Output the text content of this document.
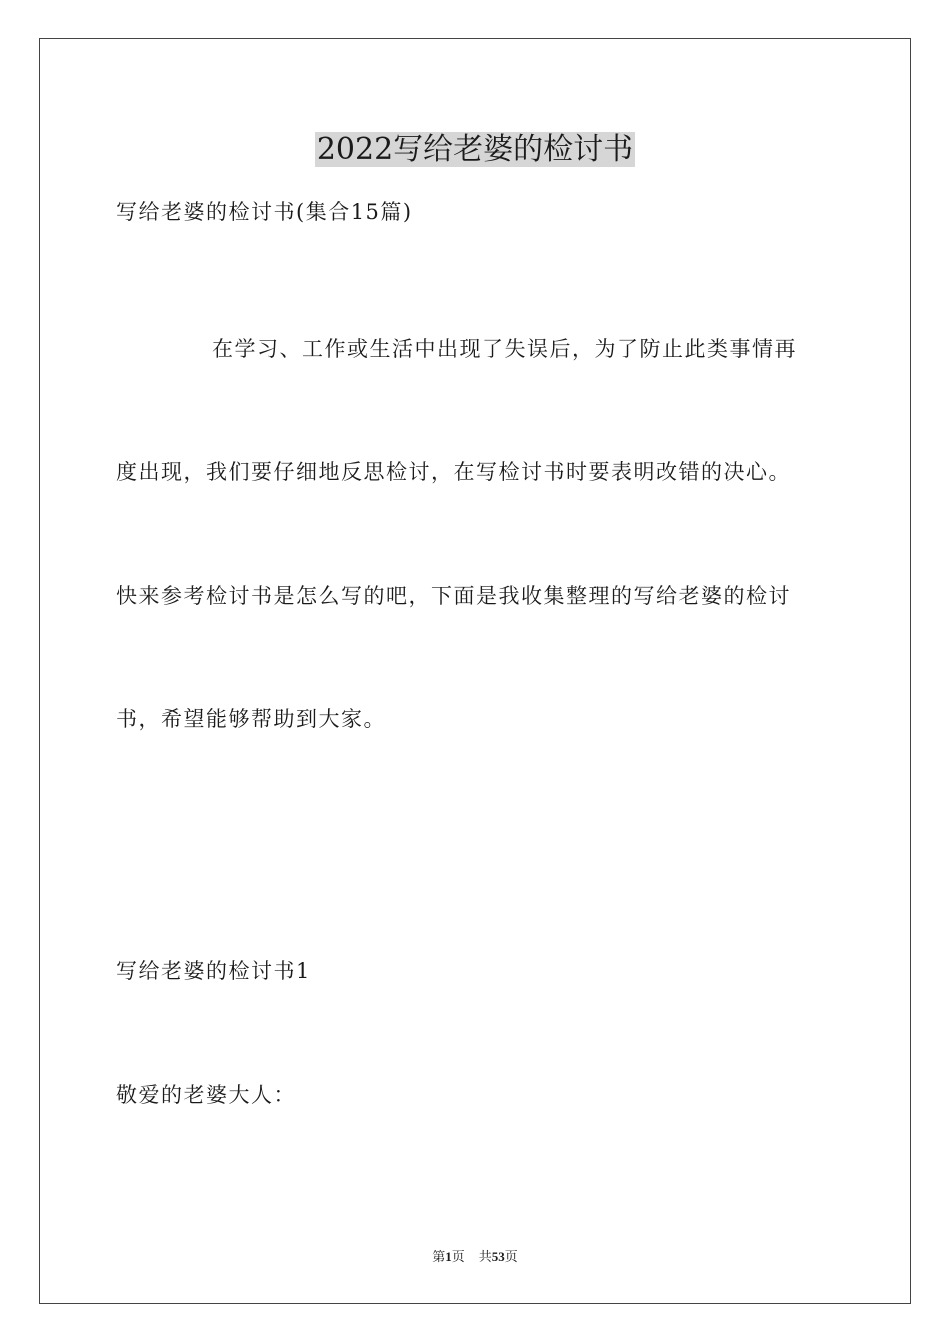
2022写给老婆的检讨书
写给老婆的检讨书(集合15篇)
在学习、工作或生活中出现了失误后，为了防止此类事情再
度出现，我们要仔细地反思检讨，在写检讨书时要表明改错的决心。
快来参考检讨书是怎么写的吧，下面是我收集整理的写给老婆的检讨
书，希望能够帮助到大家。
写给老婆的检讨书1
敬爱的老婆大人：
第1页 共53页
